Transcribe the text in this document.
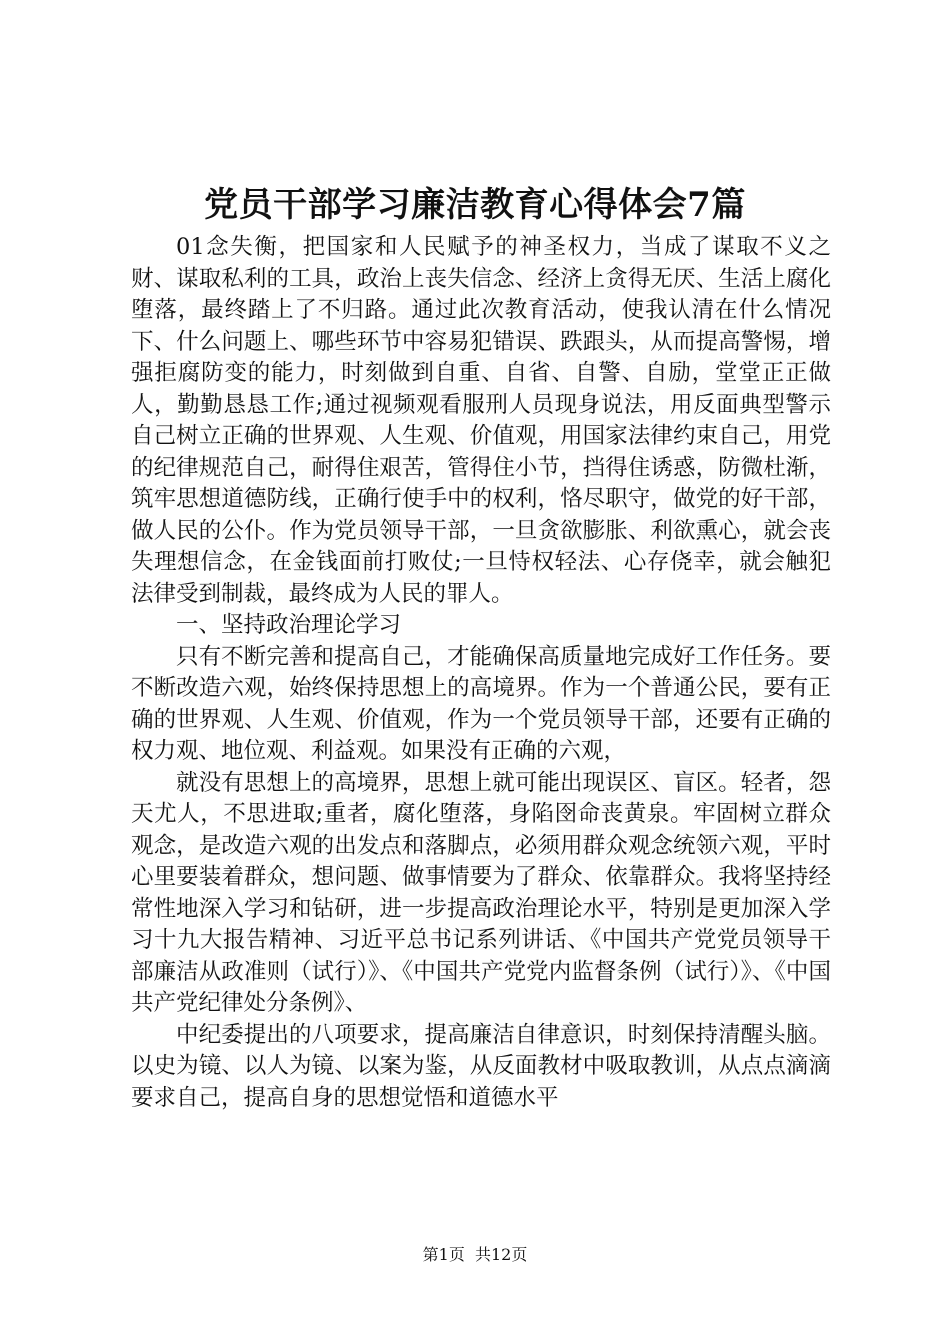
党员干部学习廉洁教育心得体会7篇

01念失衡，把国家和人民赋予的神圣权力，当成了谋取不义之财、谋取私利的工具，政治上丧失信念、经济上贪得无厌、生活上腐化堕落，最终踏上了不归路。通过此次教育活动，使我认清在什么情况下、什么问题上、哪些环节中容易犯错误、跌跟头，从而提高警惕，增强拒腐防变的能力，时刻做到自重、自省、自警、自励，堂堂正正做人，勤勤恳恳工作;通过视频观看服刑人员现身说法，用反面典型警示自己树立正确的世界观、人生观、价值观，用国家法律约束自己，用党的纪律规范自己，耐得住艰苦，管得住小节，挡得住诱惑，防微杜渐，筑牢思想道德防线，正确行使手中的权利，恪尽职守，做党的好干部，做人民的公仆。作为党员领导干部，一旦贪欲膨胀、利欲熏心，就会丧失理想信念，在金钱面前打败仗;一旦恃权轻法、心存侥幸，就会触犯法律受到制裁，最终成为人民的罪人。

一、坚持政治理论学习

只有不断完善和提高自己，才能确保高质量地完成好工作任务。要不断改造六观，始终保持思想上的高境界。作为一个普通公民，要有正确的世界观、人生观、价值观，作为一个党员领导干部，还要有正确的权力观、地位观、利益观。如果没有正确的六观，

就没有思想上的高境界，思想上就可能出现误区、盲区。轻者，怨天尤人，不思进取;重者，腐化堕落，身陷囹命丧黄泉。牢固树立群众观念，是改造六观的出发点和落脚点，必须用群众观念统领六观，平时心里要装着群众，想问题、做事情要为了群众、依靠群众。我将坚持经常性地深入学习和钻研，进一步提高政治理论水平，特别是更加深入学习十九大报告精神、习近平总书记系列讲话、《中国共产党党员领导干部廉洁从政准则（试行）》、《中国共产党党内监督条例（试行）》、《中国共产党纪律处分条例》、

中纪委提出的八项要求，提高廉洁自律意识，时刻保持清醒头脑。以史为镜、以人为镜、以案为鉴，从反面教材中吸取教训，从点点滴滴要求自己，提高自身的思想觉悟和道德水平

第1页  共12页
